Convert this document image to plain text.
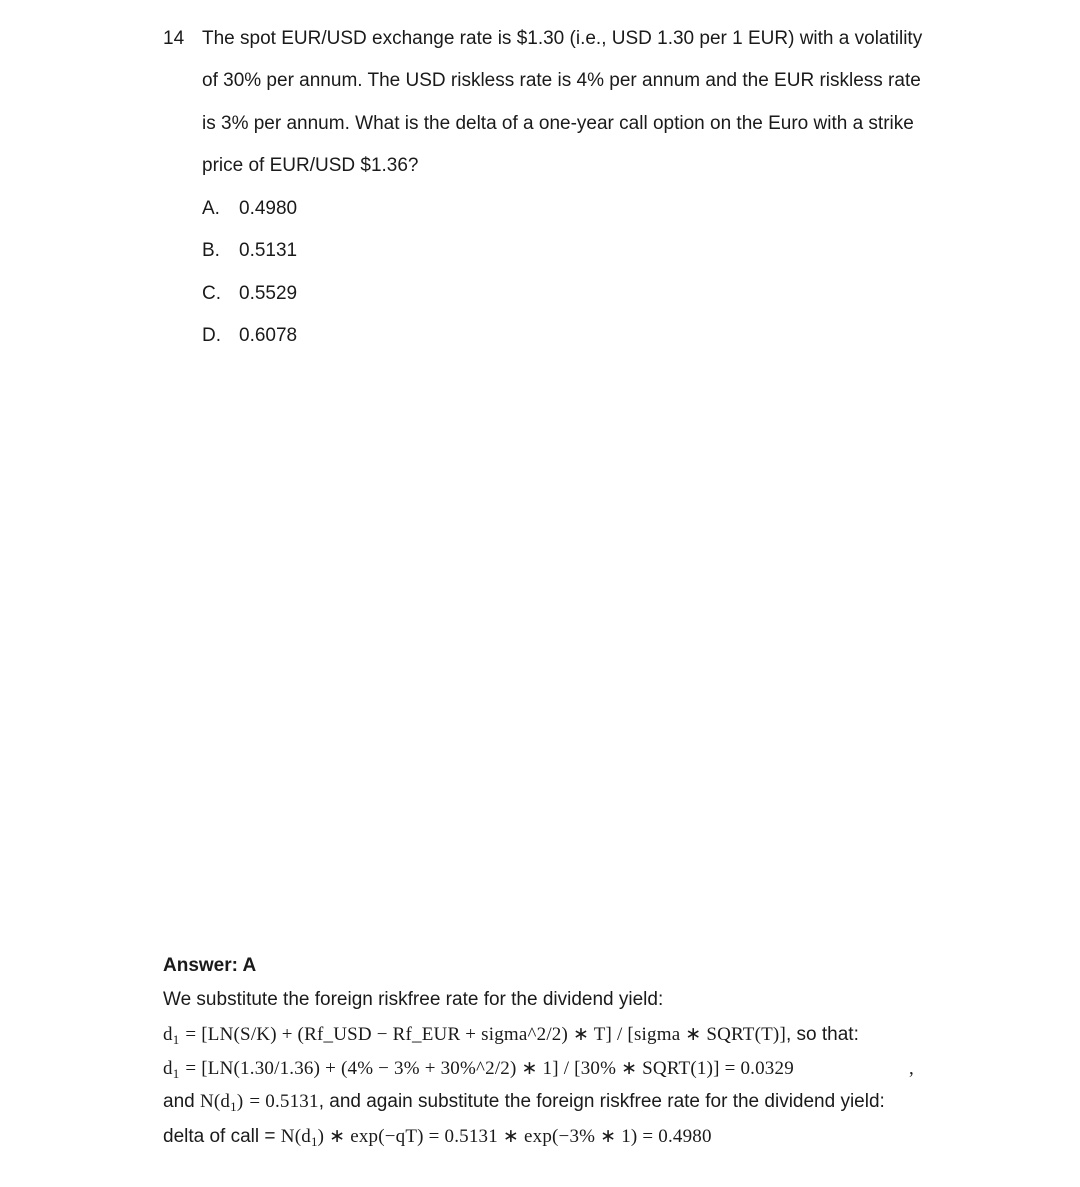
14 The spot EUR/USD exchange rate is $1.30 (i.e., USD 1.30 per 1 EUR) with a volatility
of 30% per annum. The USD riskless rate is 4% per annum and the EUR riskless rate
is 3% per annum. What is the delta of a one-year call option on the Euro with a strike
price of EUR/USD $1.36?
A. 0.4980
B. 0.5131
C. 0.5529
D. 0.6078
Answer: A
We substitute the foreign riskfree rate for the dividend yield:
$d_1 = [LN(S/K)$ + (Rf_USD − Rf_EUR + sigma^2/2) ∗ T] / [sigma ∗ SQRT(T)], so that:
$d_1 = [LN(1.30/1.36) + (4\% - 3\%$ + 30%^2/2) ∗ 1] / [30% ∗ SQRT(1)] = 0.0329	,
and $N(d_1) = 0.5131$, and again substitute the foreign riskfree rate for the dividend yield:
delta of call = $N(d_1)$ ∗ exp(−qT) = 0.5131 ∗ exp(−3% ∗ 1) = 0.4980
